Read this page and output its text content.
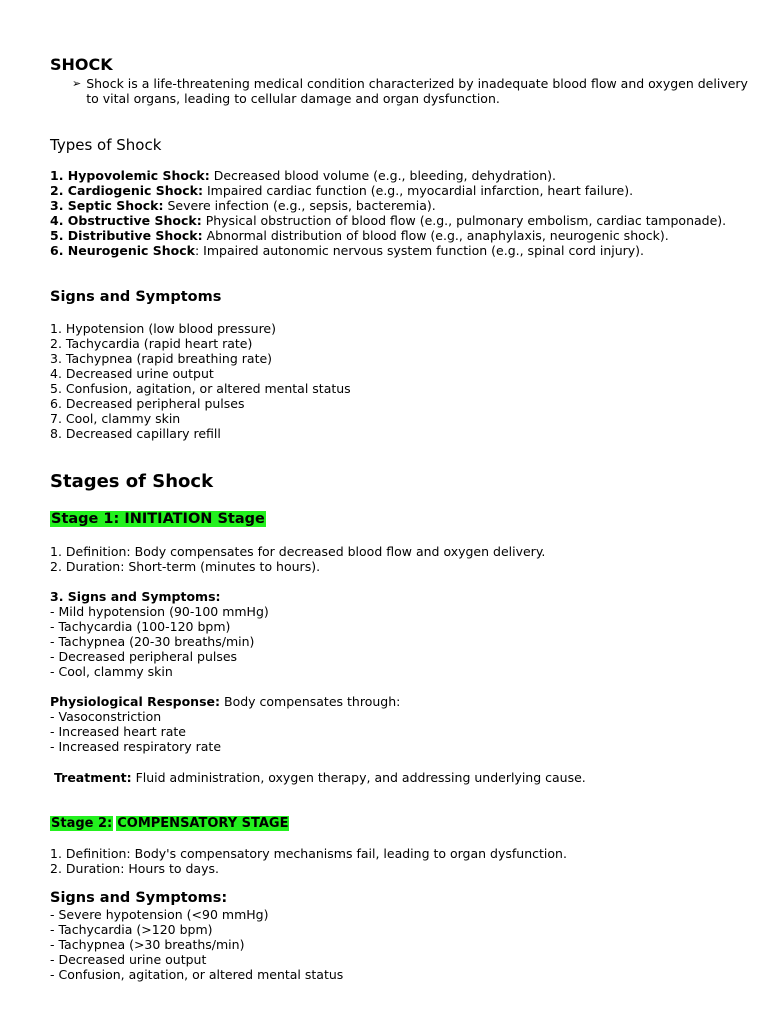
SHOCK
➢ Shock is a life-threatening medical condition characterized by inadequate blood flow and oxygen delivery to vital organs, leading to cellular damage and organ dysfunction.
Types of Shock
1. Hypovolemic Shock: Decreased blood volume (e.g., bleeding, dehydration).
2. Cardiogenic Shock: Impaired cardiac function (e.g., myocardial infarction, heart failure).
3. Septic Shock: Severe infection (e.g., sepsis, bacteremia).
4. Obstructive Shock: Physical obstruction of blood flow (e.g., pulmonary embolism, cardiac tamponade).
5. Distributive Shock: Abnormal distribution of blood flow (e.g., anaphylaxis, neurogenic shock).
6. Neurogenic Shock: Impaired autonomic nervous system function (e.g., spinal cord injury).
Signs and Symptoms
1. Hypotension (low blood pressure)
2. Tachycardia (rapid heart rate)
3. Tachypnea (rapid breathing rate)
4. Decreased urine output
5. Confusion, agitation, or altered mental status
6. Decreased peripheral pulses
7. Cool, clammy skin
8. Decreased capillary refill
Stages of Shock
Stage 1: INITIATION Stage
1. Definition: Body compensates for decreased blood flow and oxygen delivery.
2. Duration: Short-term (minutes to hours).
3. Signs and Symptoms:
- Mild hypotension (90-100 mmHg)
- Tachycardia (100-120 bpm)
- Tachypnea (20-30 breaths/min)
- Decreased peripheral pulses
- Cool, clammy skin
Physiological Response: Body compensates through:
- Vasoconstriction
- Increased heart rate
- Increased respiratory rate
Treatment: Fluid administration, oxygen therapy, and addressing underlying cause.
Stage 2: COMPENSATORY STAGE
1. Definition: Body's compensatory mechanisms fail, leading to organ dysfunction.
2. Duration: Hours to days.
Signs and Symptoms:
- Severe hypotension (<90 mmHg)
- Tachycardia (>120 bpm)
- Tachypnea (>30 breaths/min)
- Decreased urine output
- Confusion, agitation, or altered mental status
